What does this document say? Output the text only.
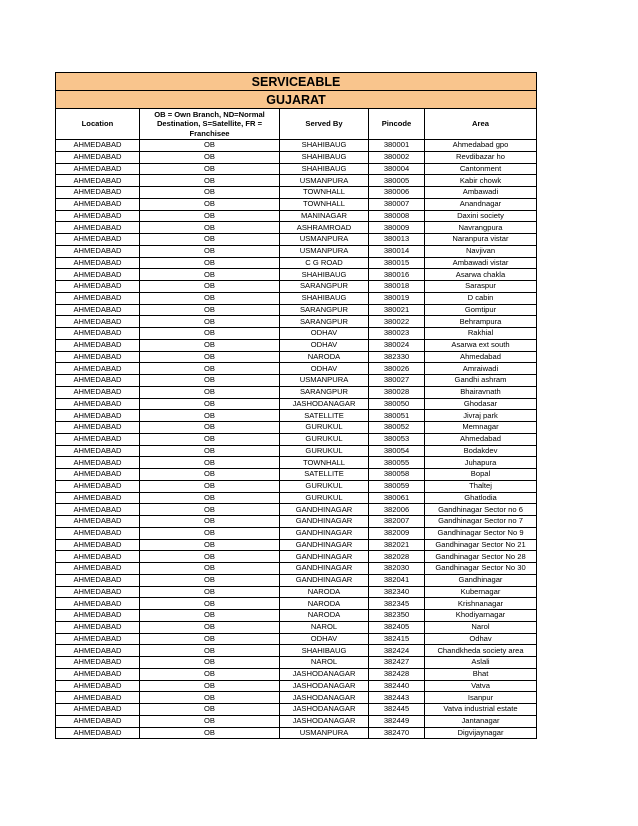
SERVICEABLE				
GUJARAT				
Location	OB = Own Branch, ND=Normal Destination, S=Satellite, FR = Franchisee	Served By	Pincode	Area
AHMEDABAD	OB	SHAHIBAUG	380001	Ahmedabad gpo
AHMEDABAD	OB	SHAHIBAUG	380002	Revdibazar ho
AHMEDABAD	OB	SHAHIBAUG	380004	Cantonment
AHMEDABAD	OB	USMANPURA	380005	Kabir chowk
AHMEDABAD	OB	TOWNHALL	380006	Ambawadi
AHMEDABAD	OB	TOWNHALL	380007	Anandnagar
AHMEDABAD	OB	MANINAGAR	380008	Daxini society
AHMEDABAD	OB	ASHRAMROAD	380009	Navrangpura
AHMEDABAD	OB	USMANPURA	380013	Naranpura vistar
AHMEDABAD	OB	USMANPURA	380014	Navjivan
AHMEDABAD	OB	C G ROAD	380015	Ambawadi vistar
AHMEDABAD	OB	SHAHIBAUG	380016	Asarwa chakla
AHMEDABAD	OB	SARANGPUR	380018	Saraspur
AHMEDABAD	OB	SHAHIBAUG	380019	D cabin
AHMEDABAD	OB	SARANGPUR	380021	Gomtipur
AHMEDABAD	OB	SARANGPUR	380022	Behrampura
AHMEDABAD	OB	ODHAV	380023	Rakhial
AHMEDABAD	OB	ODHAV	380024	Asarwa ext south
AHMEDABAD	OB	NARODA	382330	Ahmedabad
AHMEDABAD	OB	ODHAV	380026	Amraiwadi
AHMEDABAD	OB	USMANPURA	380027	Gandhi ashram
AHMEDABAD	OB	SARANGPUR	380028	Bhairavnath
AHMEDABAD	OB	JASHODANAGAR	380050	Ghodasar
AHMEDABAD	OB	SATELLITE	380051	Jivraj park
AHMEDABAD	OB	GURUKUL	380052	Memnagar
AHMEDABAD	OB	GURUKUL	380053	Ahmedabad
AHMEDABAD	OB	GURUKUL	380054	Bodakdev
AHMEDABAD	OB	TOWNHALL	380055	Juhapura
AHMEDABAD	OB	SATELLITE	380058	Bopal
AHMEDABAD	OB	GURUKUL	380059	Thaltej
AHMEDABAD	OB	GURUKUL	380061	Ghatlodia
AHMEDABAD	OB	GANDHINAGAR	382006	Gandhinagar Sector no 6
AHMEDABAD	OB	GANDHINAGAR	382007	Gandhinagar Sector no 7
AHMEDABAD	OB	GANDHINAGAR	382009	Gandhinagar Sector No 9
AHMEDABAD	OB	GANDHINAGAR	382021	Gandhinagar Sector No 21
AHMEDABAD	OB	GANDHINAGAR	382028	Gandhinagar Sector No 28
AHMEDABAD	OB	GANDHINAGAR	382030	Gandhinagar Sector No 30
AHMEDABAD	OB	GANDHINAGAR	382041	Gandhinagar
AHMEDABAD	OB	NARODA	382340	Kubernagar
AHMEDABAD	OB	NARODA	382345	Krishnanagar
AHMEDABAD	OB	NARODA	382350	Khodiyarnagar
AHMEDABAD	OB	NAROL	382405	Narol
AHMEDABAD	OB	ODHAV	382415	Odhav
AHMEDABAD	OB	SHAHIBAUG	382424	Chandkheda society area
AHMEDABAD	OB	NAROL	382427	Aslali
AHMEDABAD	OB	JASHODANAGAR	382428	Bhat
AHMEDABAD	OB	JASHODANAGAR	382440	Vatva
AHMEDABAD	OB	JASHODANAGAR	382443	Isanpur
AHMEDABAD	OB	JASHODANAGAR	382445	Vatva industrial estate
AHMEDABAD	OB	JASHODANAGAR	382449	Jantanagar
AHMEDABAD	OB	USMANPURA	382470	Digvijaynagar
